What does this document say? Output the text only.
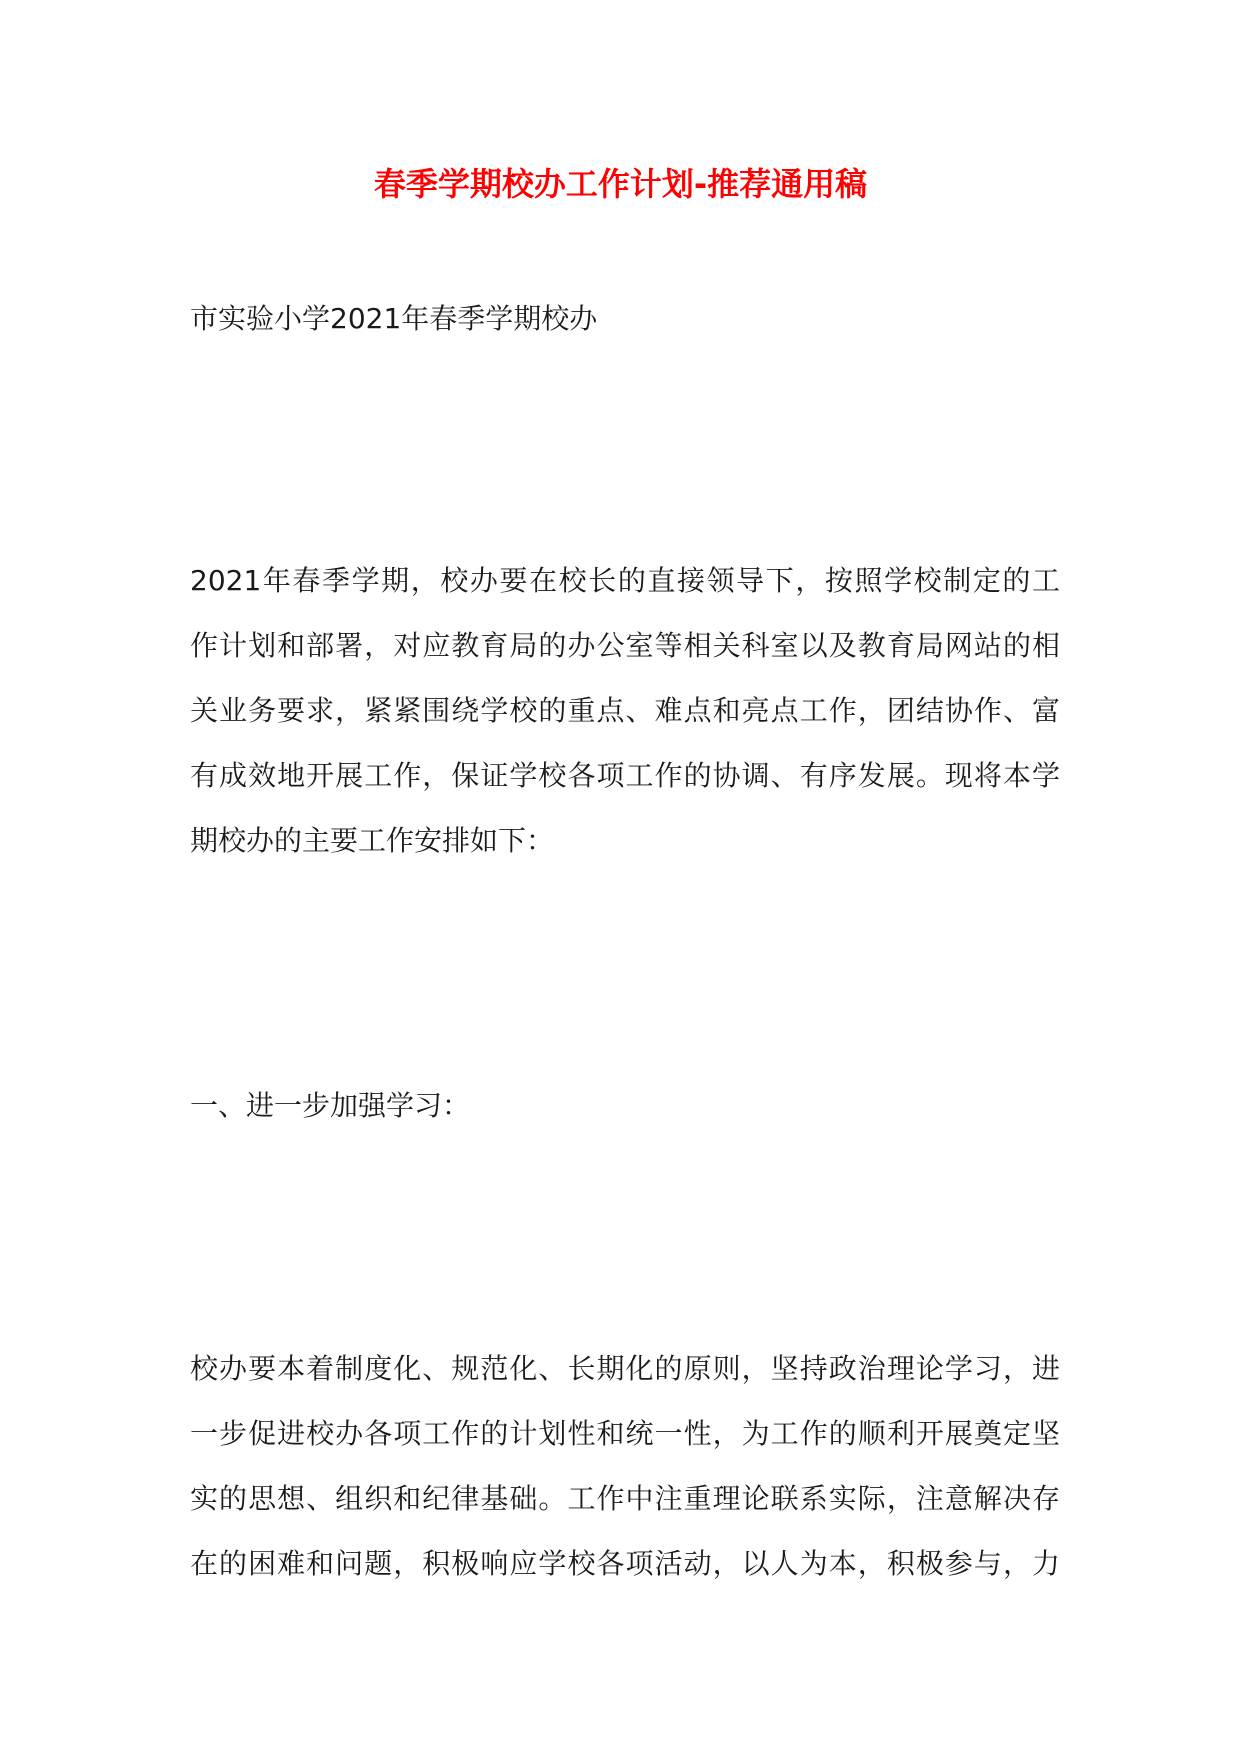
春季学期校办工作计划-推荐通用稿
市实验小学2021年春季学期校办
2021年春季学期，校办要在校长的直接领导下，按照学校制定的工
作计划和部署，对应教育局的办公室等相关科室以及教育局网站的相
关业务要求，紧紧围绕学校的重点、难点和亮点工作，团结协作、富
有成效地开展工作，保证学校各项工作的协调、有序发展。现将本学
期校办的主要工作安排如下：
一、进一步加强学习：
校办要本着制度化、规范化、长期化的原则，坚持政治理论学习，进
一步促进校办各项工作的计划性和统一性，为工作的顺利开展奠定坚
实的思想、组织和纪律基础。工作中注重理论联系实际，注意解决存
在的困难和问题，积极响应学校各项活动，以人为本，积极参与，力
